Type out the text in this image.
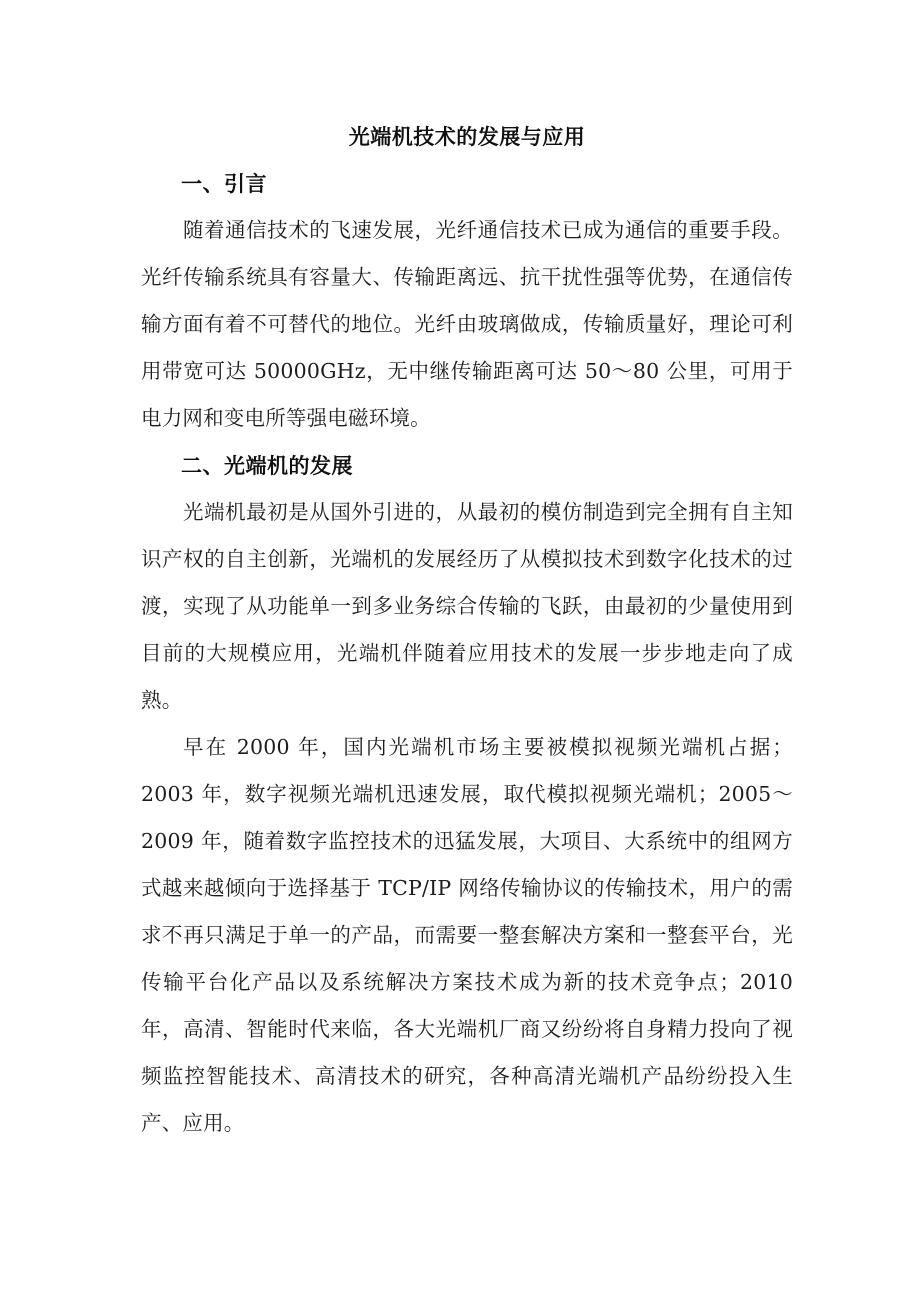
光端机技术的发展与应用
一、引言

随着通信技术的飞速发展，光纤通信技术已成为通信的重要手段。光纤传输系统具有容量大、传输距离远、抗干扰性强等优势，在通信传输方面有着不可替代的地位。光纤由玻璃做成，传输质量好，理论可利用带宽可达 50000GHz，无中继传输距离可达 50～80 公里，可用于电力网和变电所等强电磁环境。

二、光端机的发展

光端机最初是从国外引进的，从最初的模仿制造到完全拥有自主知识产权的自主创新，光端机的发展经历了从模拟技术到数字化技术的过渡，实现了从功能单一到多业务综合传输的飞跃，由最初的少量使用到目前的大规模应用，光端机伴随着应用技术的发展一步步地走向了成熟。

早在 2000 年，国内光端机市场主要被模拟视频光端机占据；2003 年，数字视频光端机迅速发展，取代模拟视频光端机；2005～2009 年，随着数字监控技术的迅猛发展，大项目、大系统中的组网方式越来越倾向于选择基于 TCP/IP 网络传输协议的传输技术，用户的需求不再只满足于单一的产品，而需要一整套解决方案和一整套平台，光传输平台化产品以及系统解决方案技术成为新的技术竞争点；2010 年，高清、智能时代来临，各大光端机厂商又纷纷将自身精力投向了视频监控智能技术、高清技术的研究，各种高清光端机产品纷纷投入生产、应用。
